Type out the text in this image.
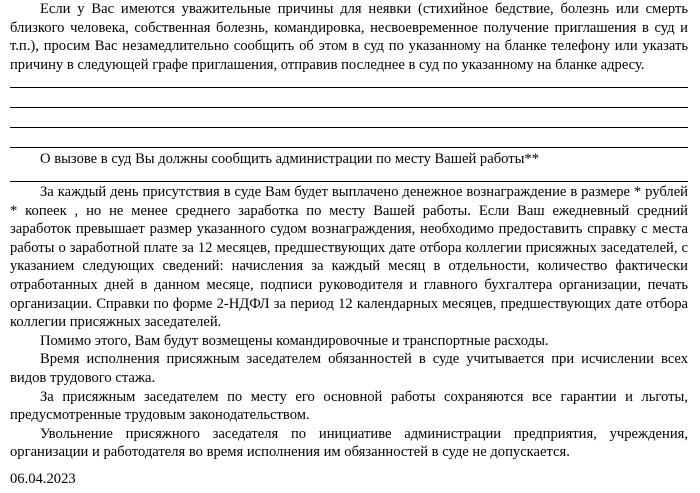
Если у Вас имеются уважительные причины для неявки (стихийное бедствие, болезнь или смерть близкого человека, собственная болезнь, командировка, несвоевременное получение приглашения в суд и т.п.), просим Вас незамедлительно сообщить об этом в суд по указанному на бланке телефону или указать причину в следующей графе приглашения, отправив последнее в суд по указанному на бланке адресу.

О вызове в суд Вы должны сообщить администрации по месту Вашей работы**

За каждый день присутствия в суде Вам будет выплачено денежное вознаграждение в размере * рублей * копеек , но не менее среднего заработка по месту Вашей работы. Если Ваш ежедневный средний заработок превышает размер указанного судом вознаграждения, необходимо предоставить справку с места работы о заработной плате за 12 месяцев, предшествующих дате отбора коллегии присяжных заседателей, с указанием следующих сведений: начисления за каждый месяц в отдельности, количество фактически отработанных дней в данном месяце, подписи руководителя и главного бухгалтера организации, печать организации. Справки по форме 2-НДФЛ за период 12 календарных месяцев, предшествующих дате отбора коллегии присяжных заседателей.

Помимо этого, Вам будут возмещены командировочные и транспортные расходы.

Время исполнения присяжным заседателем обязанностей в суде учитывается при исчислении всех видов трудового стажа.

За присяжным заседателем по месту его основной работы сохраняются все гарантии и льготы, предусмотренные трудовым законодательством.

Увольнение присяжного заседателя по инициативе администрации предприятия, учреждения, организации и работодателя во время исполнения им обязанностей в суде не допускается.

06.04.2023
